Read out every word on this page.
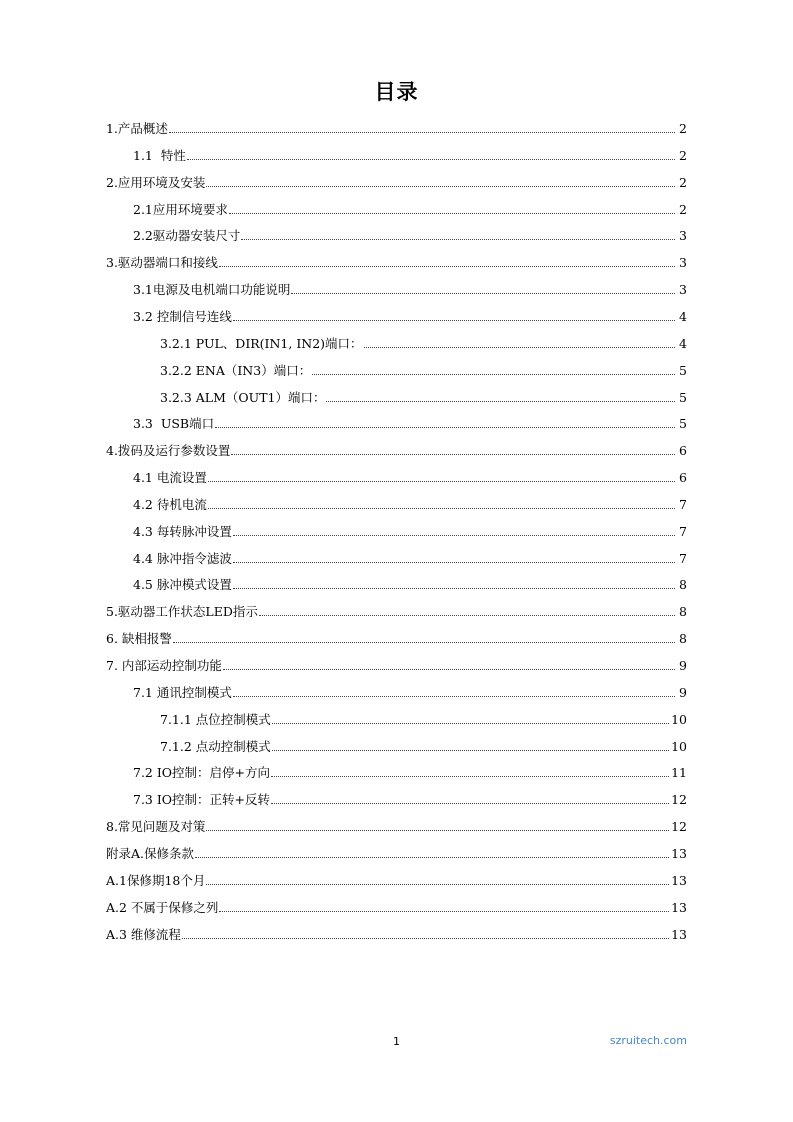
目录
1.产品概述	2
1.1  特性	2
2.应用环境及安装	2
2.1应用环境要求	2
2.2驱动器安装尺寸	3
3.驱动器端口和接线	3
3.1电源及电机端口功能说明	3
3.2 控制信号连线	4
3.2.1 PUL、DIR(IN1, IN2)端口：	4
3.2.2 ENA（IN3）端口：	5
3.2.3 ALM（OUT1）端口：	5
3.3  USB端口	5
4.拨码及运行参数设置	6
4.1 电流设置	6
4.2 待机电流	7
4.3 每转脉冲设置	7
4.4 脉冲指令滤波	7
4.5 脉冲模式设置	8
5.驱动器工作状态LED指示	8
6. 缺相报警	8
7. 内部运动控制功能	9
7.1 通讯控制模式	9
7.1.1 点位控制模式	10
7.1.2 点动控制模式	10
7.2 IO控制：启停+方向	11
7.3 IO控制：正转+反转	12
8.常见问题及对策	12
附录A.保修条款	13
A.1保修期18个月	13
A.2 不属于保修之列	13
A.3 维修流程	13
1	szruitech.com
